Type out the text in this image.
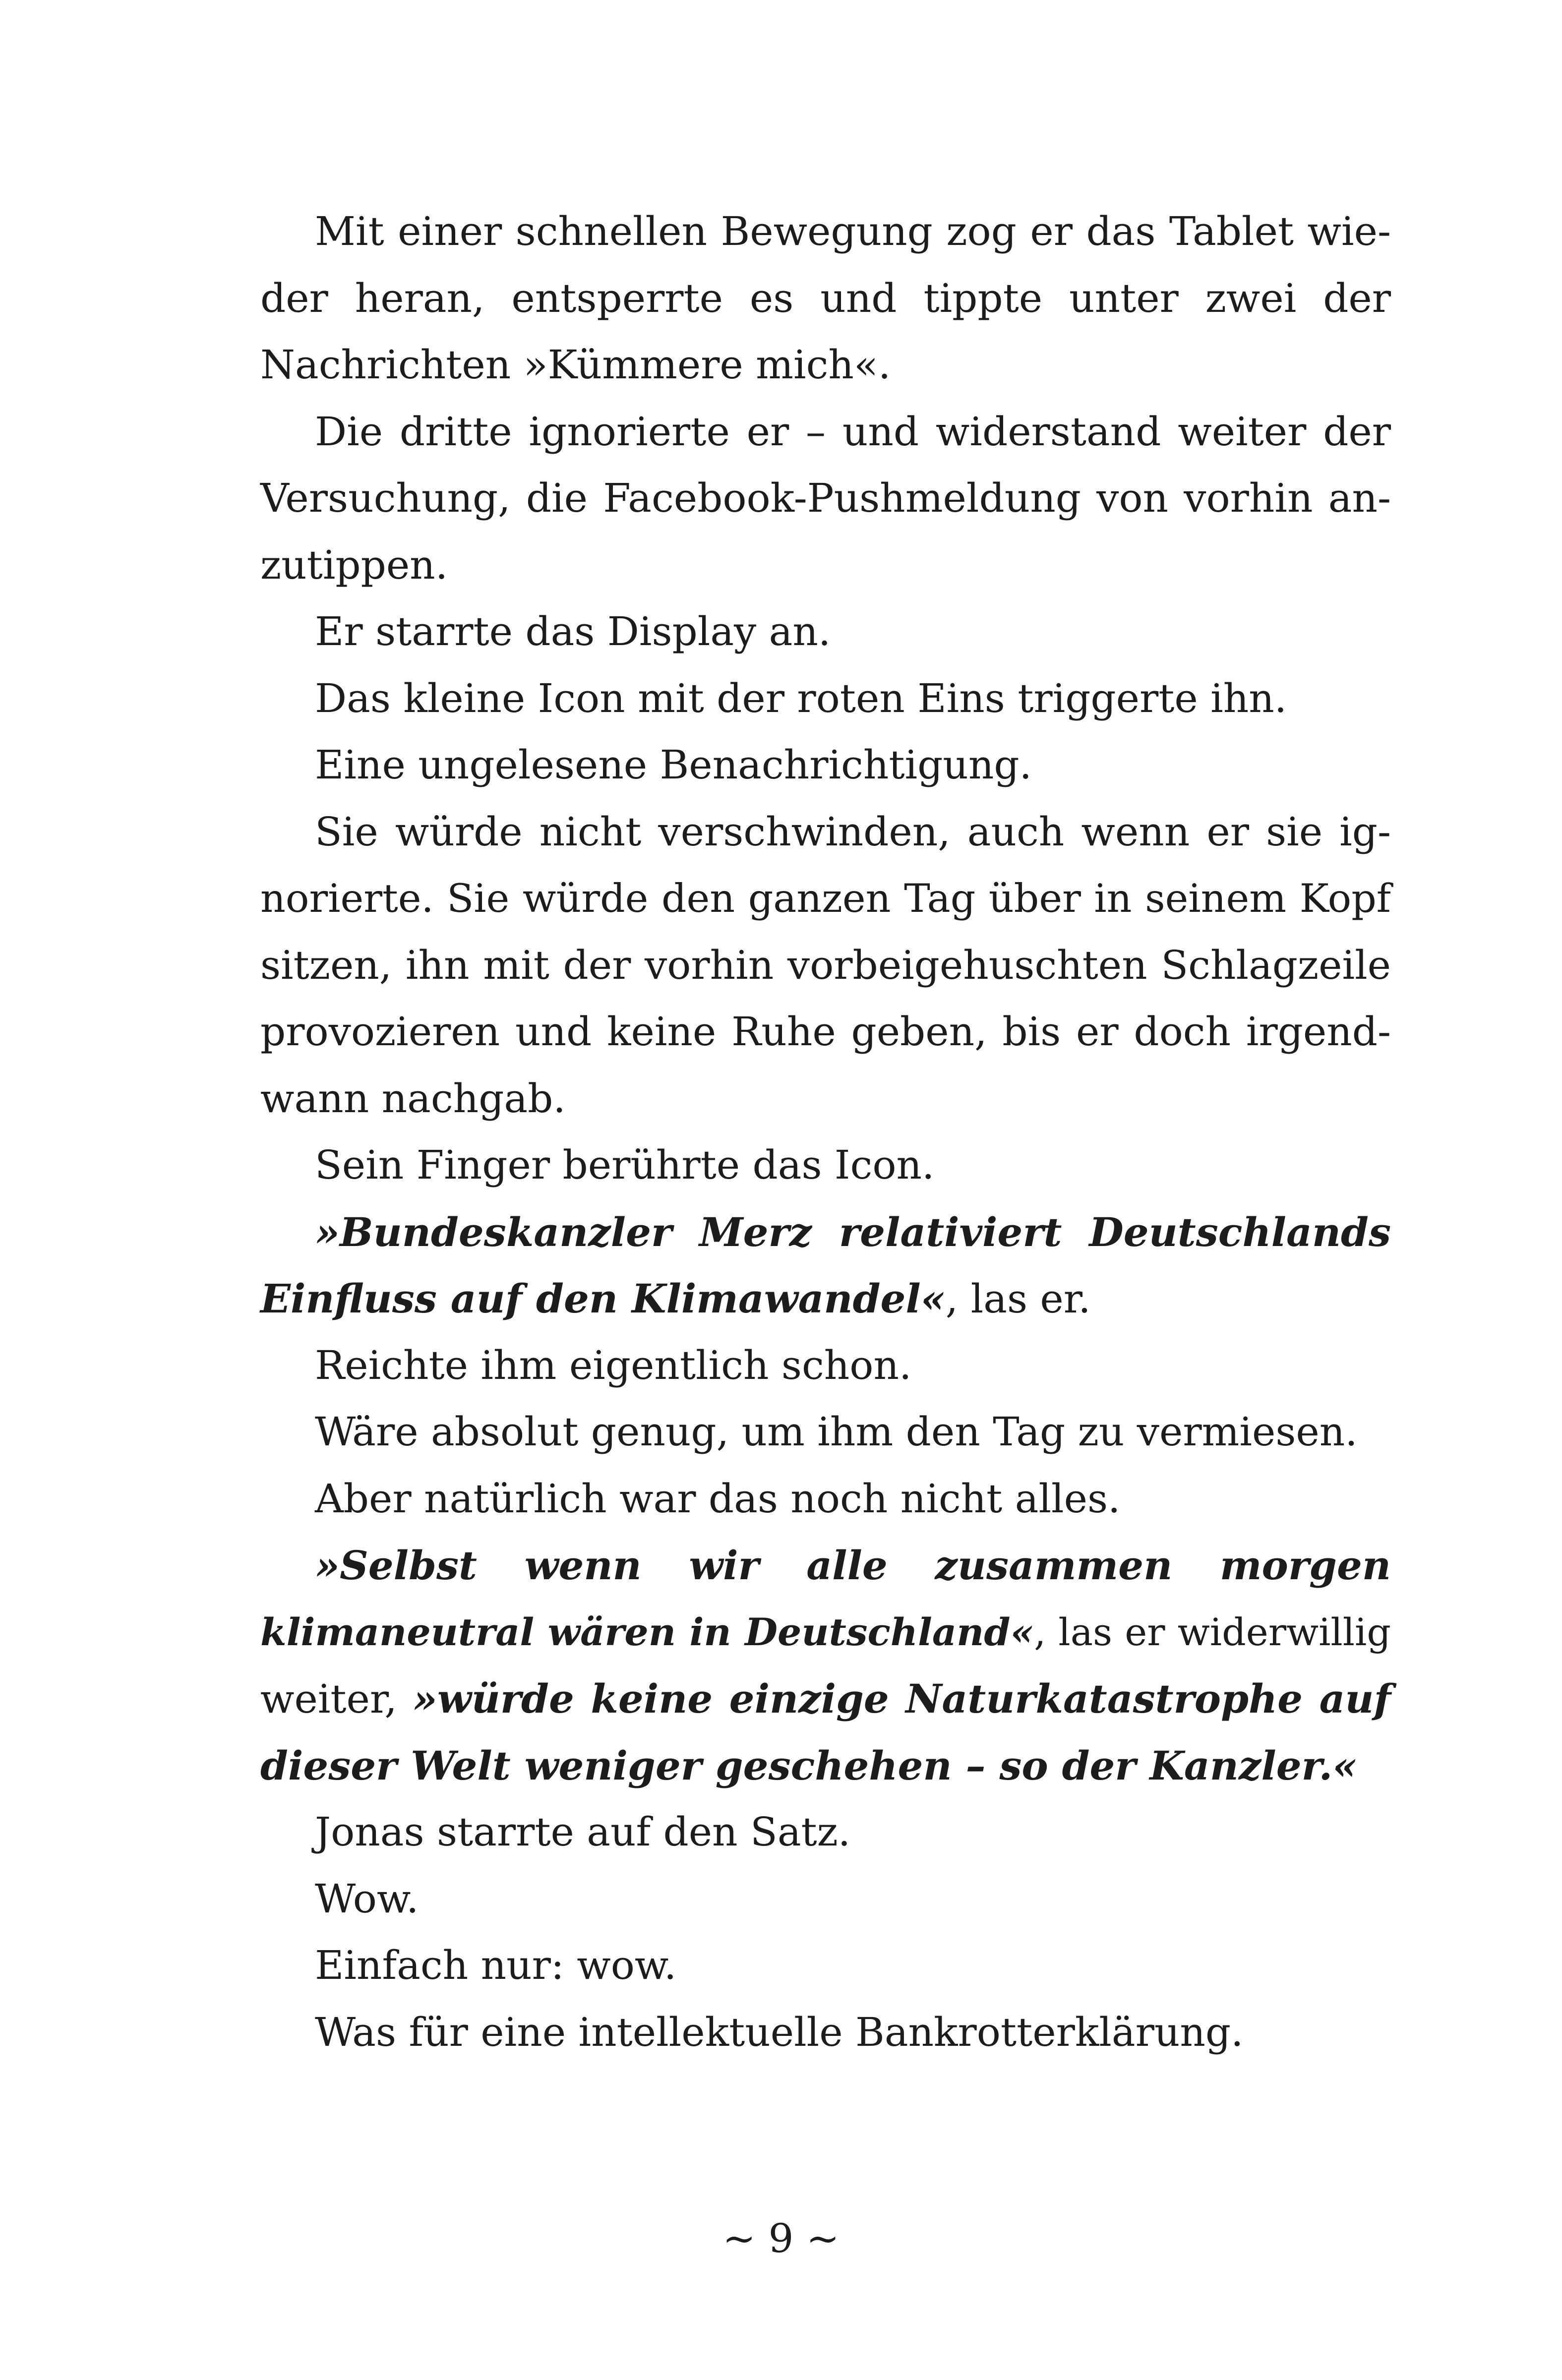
Mit einer schnellen Bewegung zog er das Tablet wie-
der heran, entsperrte es und tippte unter zwei der
Nachrichten »Kümmere mich«.
Die dritte ignorierte er – und widerstand weiter der
Versuchung, die Facebook-Pushmeldung von vorhin an-
zutippen.
Er starrte das Display an.
Das kleine Icon mit der roten Eins triggerte ihn.
Eine ungelesene Benachrichtigung.
Sie würde nicht verschwinden, auch wenn er sie ig-
norierte. Sie würde den ganzen Tag über in seinem Kopf
sitzen, ihn mit der vorhin vorbeigehuschten Schlagzeile
provozieren und keine Ruhe geben, bis er doch irgend-
wann nachgab.
Sein Finger berührte das Icon.
»Bundeskanzler Merz relativiert Deutschlands
Einfluss auf den Klimawandel«, las er.
Reichte ihm eigentlich schon.
Wäre absolut genug, um ihm den Tag zu vermiesen.
Aber natürlich war das noch nicht alles.
»Selbst wenn wir alle zusammen morgen
klimaneutral wären in Deutschland«, las er widerwillig
weiter, »würde keine einzige Naturkatastrophe auf
dieser Welt weniger geschehen – so der Kanzler.«
Jonas starrte auf den Satz.
Wow.
Einfach nur: wow.
Was für eine intellektuelle Bankrotterklärung.
~ 9 ~
